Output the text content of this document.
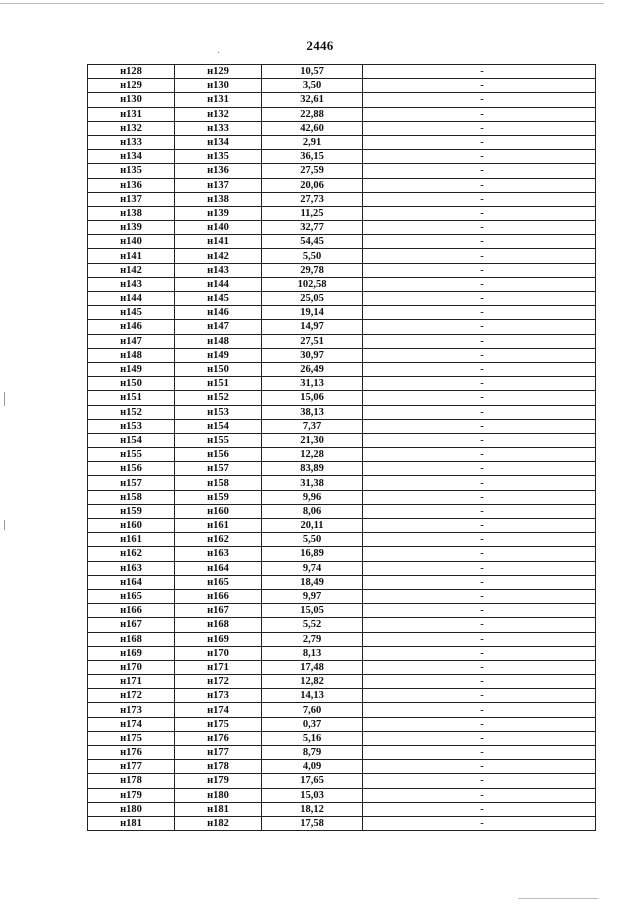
2446
н128	н129	10,57	-
н129	н130	3,50	-
н130	н131	32,61	-
н131	н132	22,88	-
н132	н133	42,60	-
н133	н134	2,91	-
н134	н135	36,15	-
н135	н136	27,59	-
н136	н137	20,06	-
н137	н138	27,73	-
н138	н139	11,25	-
н139	н140	32,77	-
н140	н141	54,45	-
н141	н142	5,50	-
н142	н143	29,78	-
н143	н144	102,58	-
н144	н145	25,05	-
н145	н146	19,14	-
н146	н147	14,97	-
н147	н148	27,51	-
н148	н149	30,97	-
н149	н150	26,49	-
н150	н151	31,13	-
н151	н152	15,06	-
н152	н153	38,13	-
н153	н154	7,37	-
н154	н155	21,30	-
н155	н156	12,28	-
н156	н157	83,89	-
н157	н158	31,38	-
н158	н159	9,96	-
н159	н160	8,06	-
н160	н161	20,11	-
н161	н162	5,50	-
н162	н163	16,89	-
н163	н164	9,74	-
н164	н165	18,49	-
н165	н166	9,97	-
н166	н167	15,05	-
н167	н168	5,52	-
н168	н169	2,79	-
н169	н170	8,13	-
н170	н171	17,48	-
н171	н172	12,82	-
н172	н173	14,13	-
н173	н174	7,60	-
н174	н175	0,37	-
н175	н176	5,16	-
н176	н177	8,79	-
н177	н178	4,09	-
н178	н179	17,65	-
н179	н180	15,03	-
н180	н181	18,12	-
н181	н182	17,58	-
